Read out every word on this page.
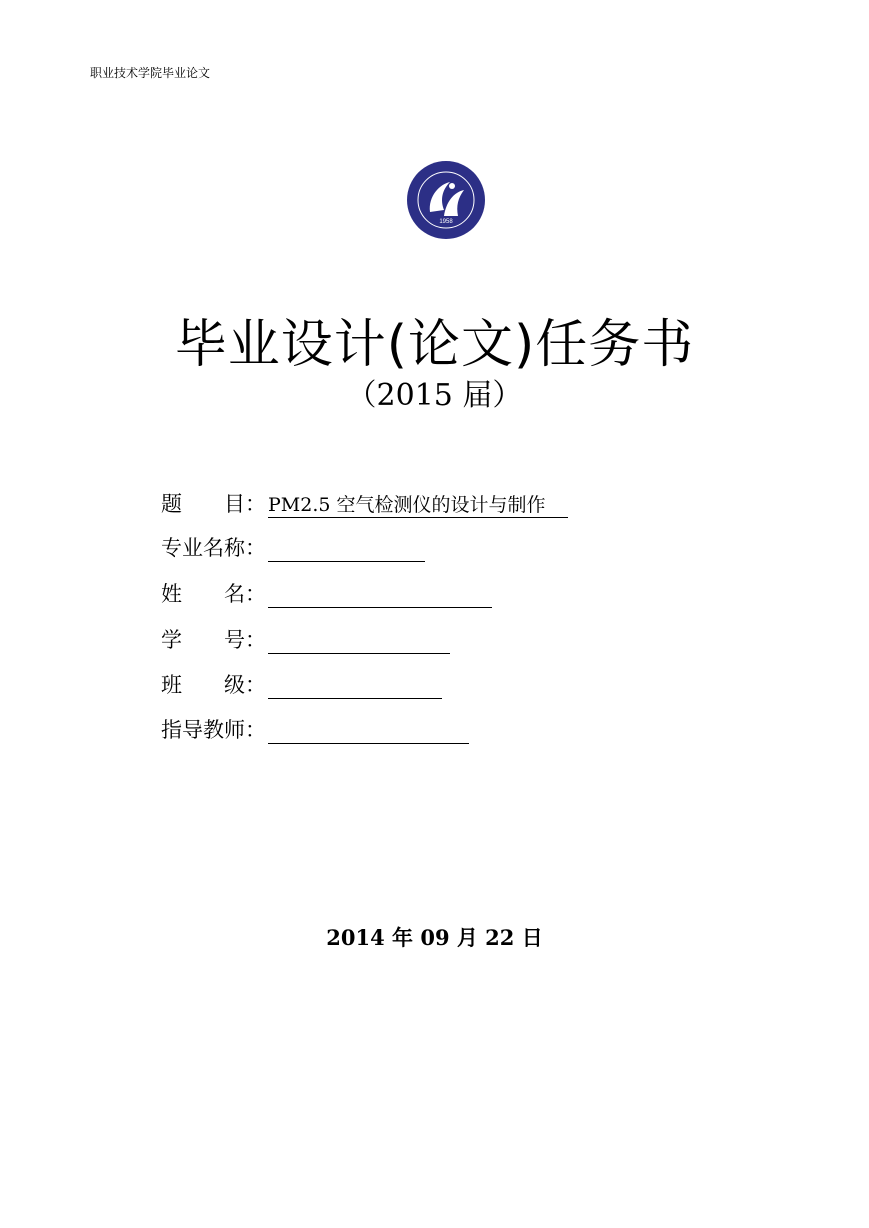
职业技术学院毕业论文
1958
毕业设计(论文)任务书
（2015 届）
题　　目： PM2.5 空气检测仪的设计与制作
专业名称：
姓　　名：
学　　号：
班　　级：
指导教师：
2014 年 09 月 22 日
